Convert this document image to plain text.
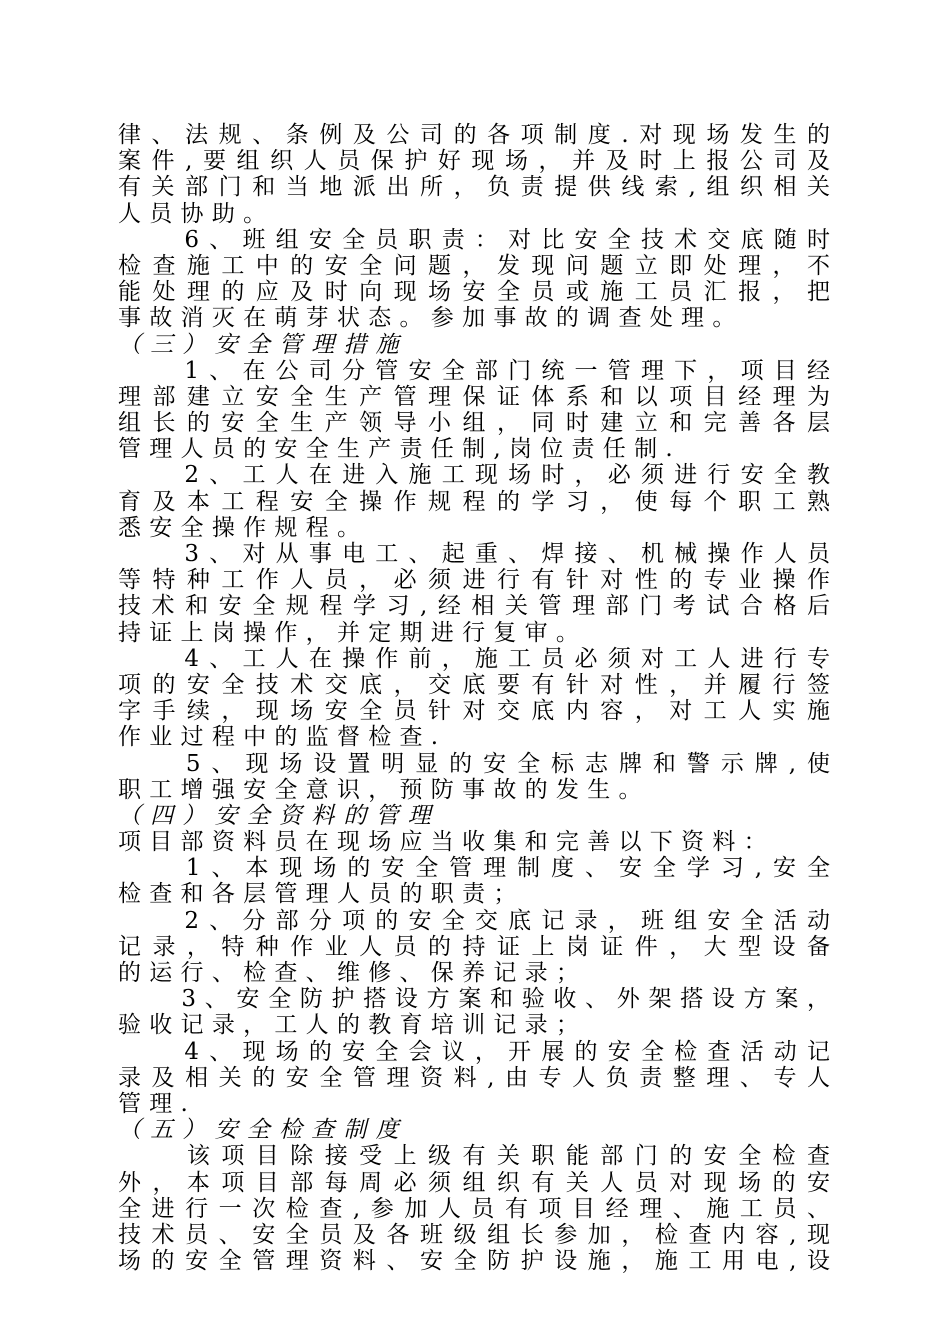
律、法规、条例及公司的各项制度.对现场发生的
案件,要组织人员保护好现场，并及时上报公司及
有关部门和当地派出所，负责提供线索,组织相关
人员协助。
　　6、班组安全员职责：对比安全技术交底随时
检查施工中的安全问题，发现问题立即处理，不
能处理的应及时向现场安全员或施工员汇报，把
事故消灭在萌芽状态。参加事故的调查处理。
（三）安全管理措施
　　1、在公司分管安全部门统一管理下，项目经
理部建立安全生产管理保证体系和以项目经理为
组长的安全生产领导小组，同时建立和完善各层
管理人员的安全生产责任制,岗位责任制.
　　2、工人在进入施工现场时，必须进行安全教
育及本工程安全操作规程的学习，使每个职工熟
悉安全操作规程。
　　3、对从事电工、起重、焊接、机械操作人员
等特种工作人员，必须进行有针对性的专业操作
技术和安全规程学习,经相关管理部门考试合格后
持证上岗操作，并定期进行复审。
　　4、工人在操作前，施工员必须对工人进行专
项的安全技术交底，交底要有针对性，并履行签
字手续，现场安全员针对交底内容，对工人实施
作业过程中的监督检查.
　　5、现场设置明显的安全标志牌和警示牌,使
职工增强安全意识，预防事故的发生。
（四）安全资料的管理
项目部资料员在现场应当收集和完善以下资料：
　　1、本现场的安全管理制度、安全学习,安全
检查和各层管理人员的职责；
　　2、分部分项的安全交底记录，班组安全活动
记录，特种作业人员的持证上岗证件，大型设备
的运行、检查、维修、保养记录；
　　3、安全防护搭设方案和验收、外架搭设方案，
验收记录，工人的教育培训记录；
　　4、现场的安全会议，开展的安全检查活动记
录及相关的安全管理资料,由专人负责整理、专人
管理.
（五）安全检查制度
　　该项目除接受上级有关职能部门的安全检查
外，本项目部每周必须组织有关人员对现场的安
全进行一次检查,参加人员有项目经理、施工员、
技术员、安全员及各班级组长参加，检查内容,现
场的安全管理资料、安全防护设施，施工用电,设
